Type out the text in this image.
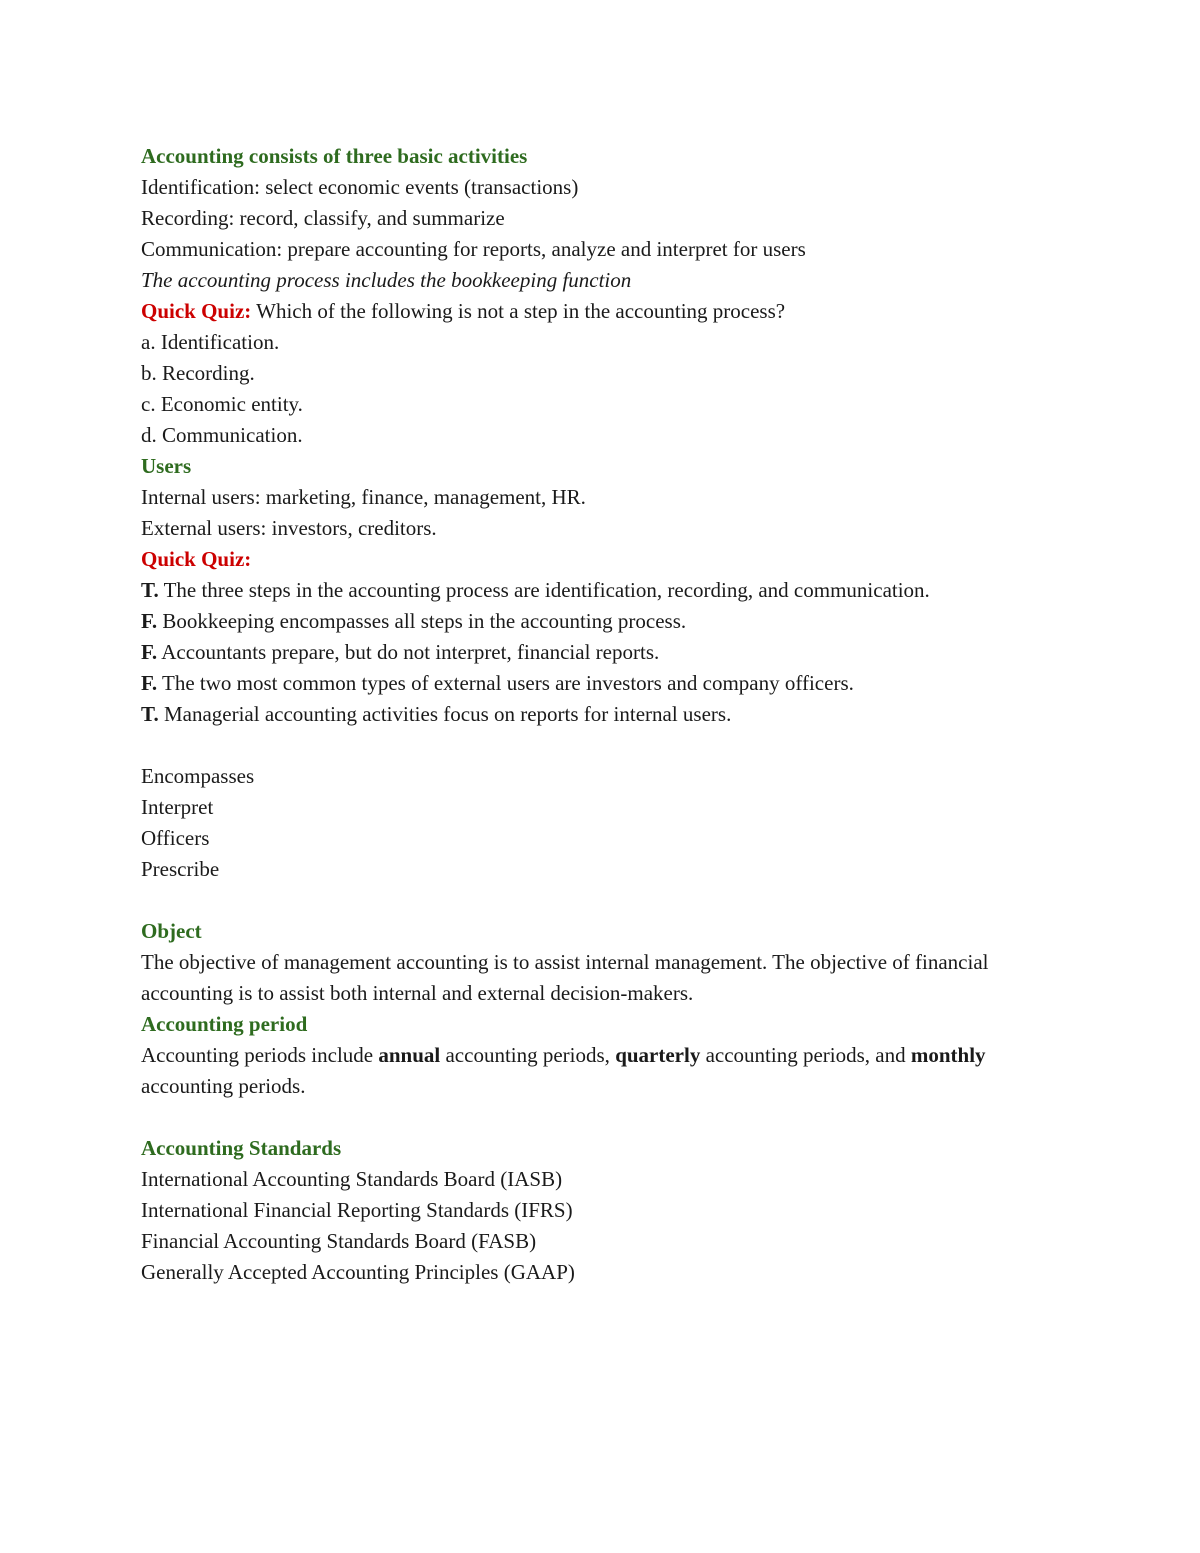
Accounting consists of three basic activities
Identification: select economic events (transactions)
Recording: record, classify, and summarize
Communication: prepare accounting for reports, analyze and interpret for users
The accounting process includes the bookkeeping function
Quick Quiz: Which of the following is not a step in the accounting process?
a. Identification.
b. Recording.
c. Economic entity.
d. Communication.
Users
Internal users: marketing, finance, management, HR.
External users: investors, creditors.
Quick Quiz:
T. The three steps in the accounting process are identification, recording, and communication.
F. Bookkeeping encompasses all steps in the accounting process.
F. Accountants prepare, but do not interpret, financial reports.
F. The two most common types of external users are investors and company officers.
T. Managerial accounting activities focus on reports for internal users.
Encompasses
Interpret
Officers
Prescribe
Object
The objective of management accounting is to assist internal management. The objective of financial accounting is to assist both internal and external decision-makers.
Accounting period
Accounting periods include annual accounting periods, quarterly accounting periods, and monthly accounting periods.
Accounting Standards
International Accounting Standards Board (IASB)
International Financial Reporting Standards (IFRS)
Financial Accounting Standards Board (FASB)
Generally Accepted Accounting Principles (GAAP)
